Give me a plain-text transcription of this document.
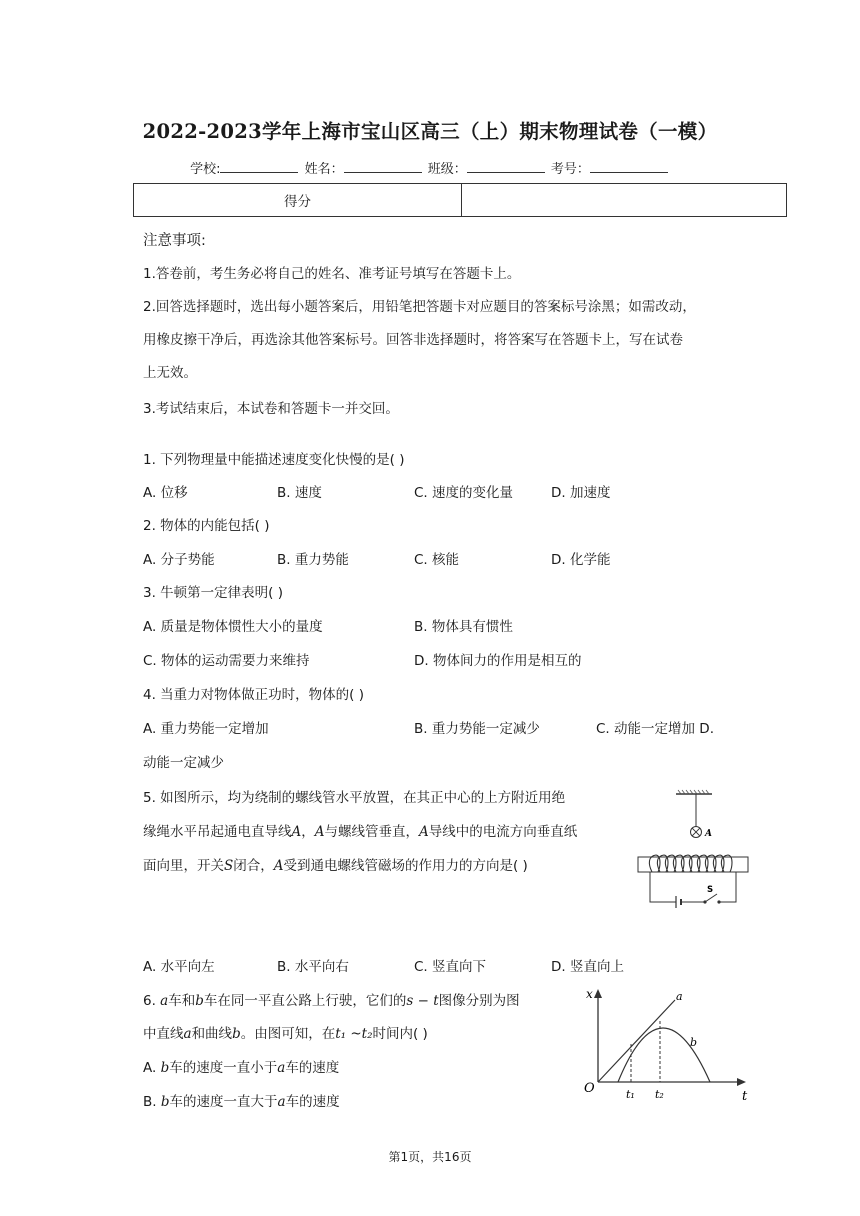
2022-2023学年上海市宝山区高三（上）期末物理试卷（一模）
学校:	姓名：	班级：	考号：
得分	
注意事项:
1.答卷前，考生务必将自己的姓名、准考证号填写在答题卡上。
2.回答选择题时，选出每小题答案后，用铅笔把答题卡对应题目的答案标号涂黑；如需改动，
用橡皮擦干净后，再选涂其他答案标号。回答非选择题时，将答案写在答题卡上，写在试卷
上无效。
3.考试结束后，本试卷和答题卡一并交回。
1. 下列物理量中能描述速度变化快慢的是( )
A. 位移	B. 速度	C. 速度的变化量	D. 加速度
2. 物体的内能包括( )
A. 分子势能	B. 重力势能	C. 核能	D. 化学能
3. 牛顿第一定律表明( )
A. 质量是物体惯性大小的量度	B. 物体具有惯性
C. 物体的运动需要力来维持	D. 物体间力的作用是相互的
4. 当重力对物体做正功时，物体的( )
A. 重力势能一定增加	B. 重力势能一定减少	C. 动能一定增加 D.
动能一定减少
5. 如图所示，均为绕制的螺线管水平放置，在其正中心的上方附近用绝
缘绳水平吊起通电直导线A，A与螺线管垂直，A导线中的电流方向垂直纸
面向里，开关S闭合，A受到通电螺线管磁场的作用力的方向是( )
A
S
A. 水平向左	B. 水平向右	C. 竖直向下	D. 竖直向上
6. a车和b车在同一平直公路上行驶，它们的s − t图像分别为图
中直线a和曲线b。由图可知，在t₁ ~t₂时间内( )
A. b车的速度一直小于a车的速度
B. b车的速度一直大于a车的速度
x
t
O
a
b
t₁ t₂
第1页，共16页
